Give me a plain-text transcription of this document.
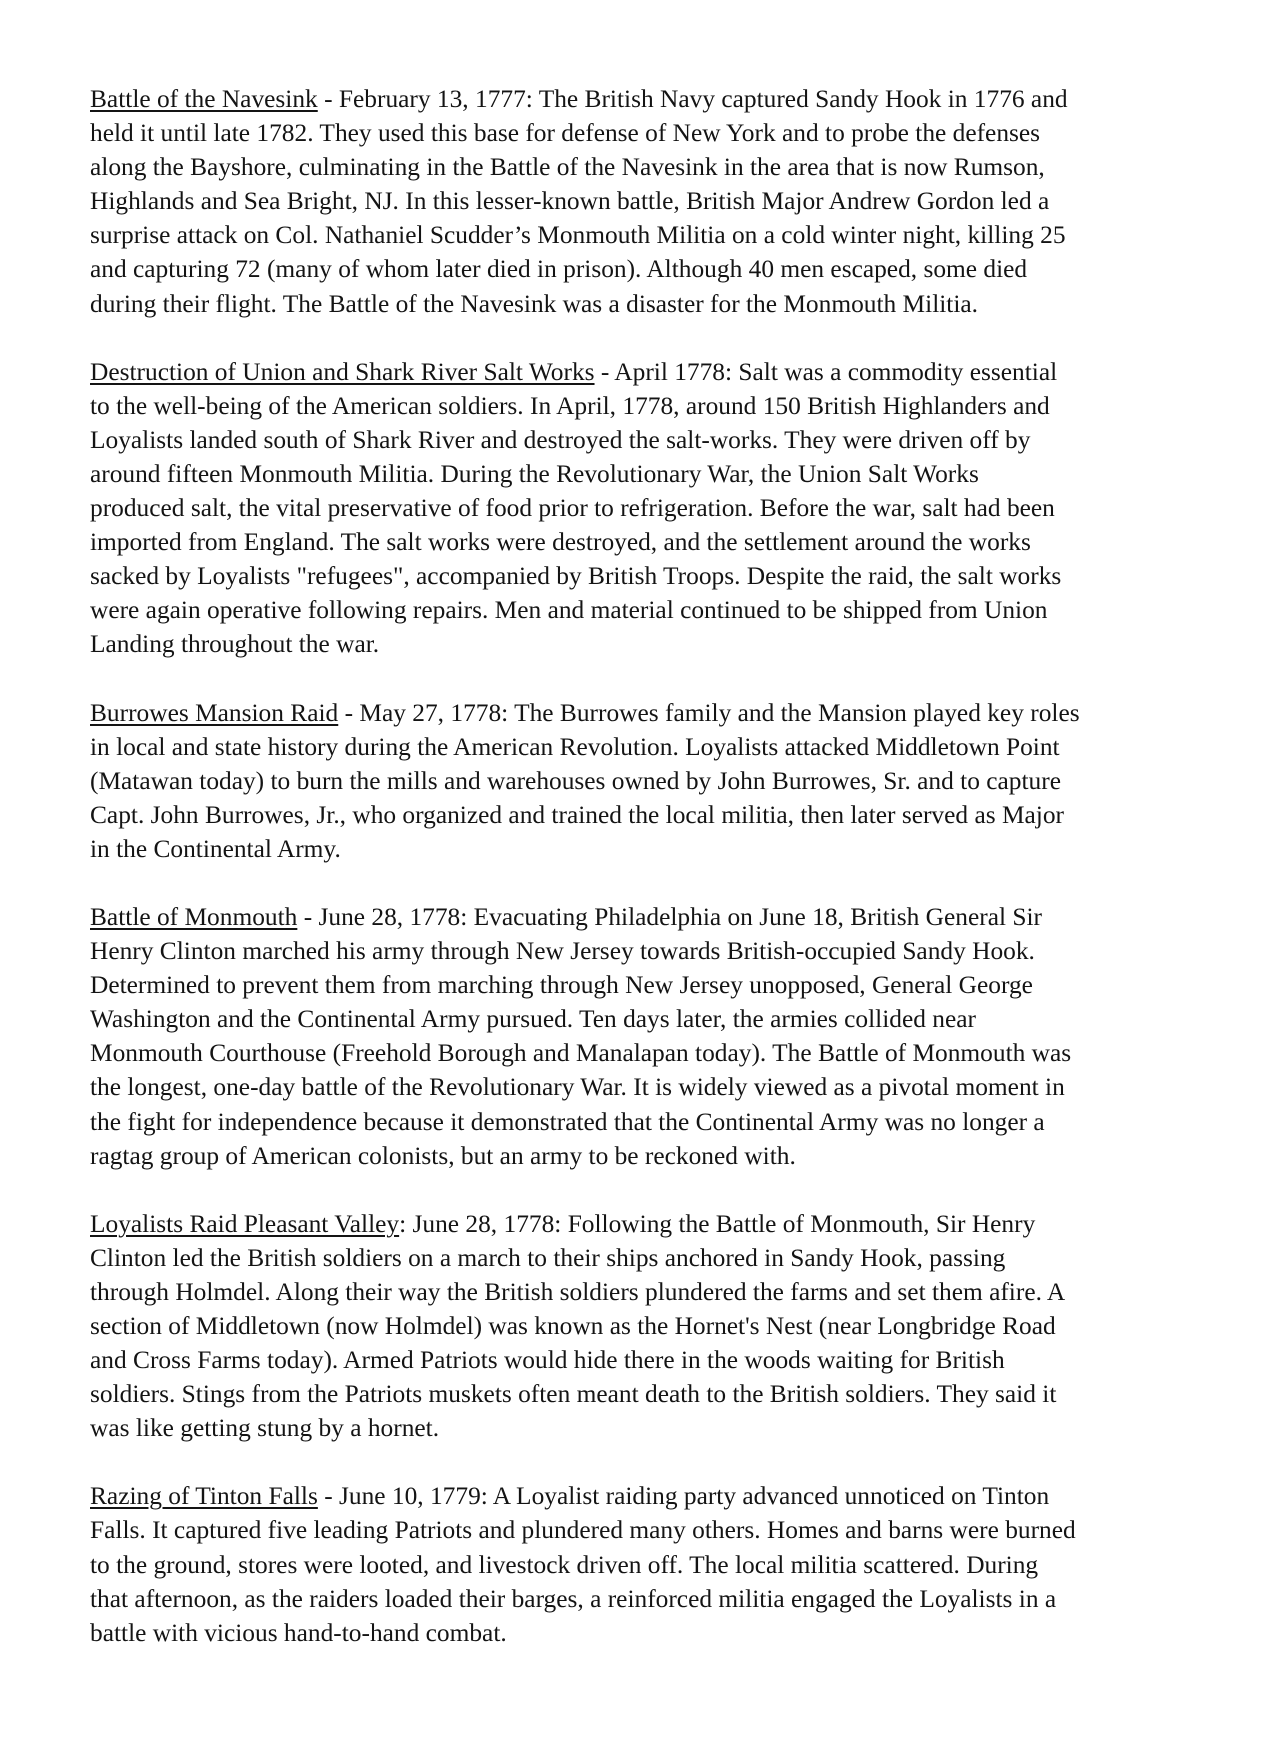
Battle of the Navesink - February 13, 1777: The British Navy captured Sandy Hook in 1776 and
held it until late 1782. They used this base for defense of New York and to probe the defenses
along the Bayshore, culminating in the Battle of the Navesink in the area that is now Rumson,
Highlands and Sea Bright, NJ. In this lesser-known battle, British Major Andrew Gordon led a
surprise attack on Col. Nathaniel Scudder’s Monmouth Militia on a cold winter night, killing 25
and capturing 72 (many of whom later died in prison). Although 40 men escaped, some died
during their flight. The Battle of the Navesink was a disaster for the Monmouth Militia.

Destruction of Union and Shark River Salt Works - April 1778: Salt was a commodity essential
to the well-being of the American soldiers. In April, 1778, around 150 British Highlanders and
Loyalists landed south of Shark River and destroyed the salt-works. They were driven off by
around fifteen Monmouth Militia. During the Revolutionary War, the Union Salt Works
produced salt, the vital preservative of food prior to refrigeration. Before the war, salt had been
imported from England. The salt works were destroyed, and the settlement around the works
sacked by Loyalists "refugees", accompanied by British Troops. Despite the raid, the salt works
were again operative following repairs. Men and material continued to be shipped from Union
Landing throughout the war.

Burrowes Mansion Raid - May 27, 1778: The Burrowes family and the Mansion played key roles
in local and state history during the American Revolution. Loyalists attacked Middletown Point
(Matawan today) to burn the mills and warehouses owned by John Burrowes, Sr. and to capture
Capt. John Burrowes, Jr., who organized and trained the local militia, then later served as Major
in the Continental Army.

Battle of Monmouth - June 28, 1778: Evacuating Philadelphia on June 18, British General Sir
Henry Clinton marched his army through New Jersey towards British-occupied Sandy Hook.
Determined to prevent them from marching through New Jersey unopposed, General George
Washington and the Continental Army pursued. Ten days later, the armies collided near
Monmouth Courthouse (Freehold Borough and Manalapan today). The Battle of Monmouth was
the longest, one-day battle of the Revolutionary War. It is widely viewed as a pivotal moment in
the fight for independence because it demonstrated that the Continental Army was no longer a
ragtag group of American colonists, but an army to be reckoned with.

Loyalists Raid Pleasant Valley: June 28, 1778: Following the Battle of Monmouth, Sir Henry
Clinton led the British soldiers on a march to their ships anchored in Sandy Hook, passing
through Holmdel. Along their way the British soldiers plundered the farms and set them afire. A
section of Middletown (now Holmdel) was known as the Hornet's Nest (near Longbridge Road
and Cross Farms today). Armed Patriots would hide there in the woods waiting for British
soldiers. Stings from the Patriots muskets often meant death to the British soldiers. They said it
was like getting stung by a hornet.

Razing of Tinton Falls - June 10, 1779: A Loyalist raiding party advanced unnoticed on Tinton
Falls. It captured five leading Patriots and plundered many others. Homes and barns were burned
to the ground, stores were looted, and livestock driven off. The local militia scattered. During
that afternoon, as the raiders loaded their barges, a reinforced militia engaged the Loyalists in a
battle with vicious hand-to-hand combat.
